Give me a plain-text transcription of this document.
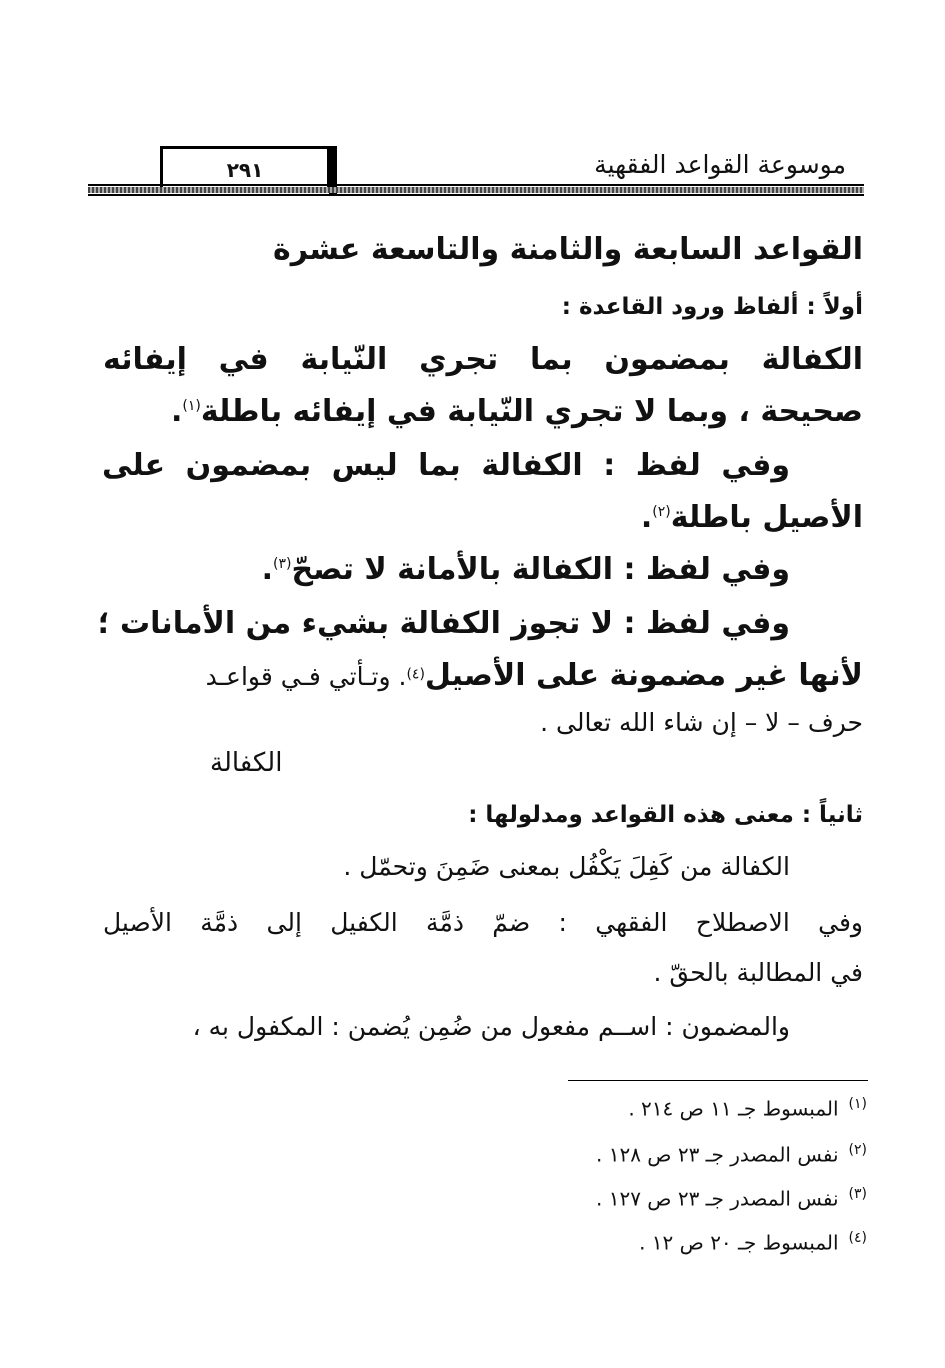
٢٩١	موسوعة القواعد الفقهية
القواعد السابعة والثامنة والتاسعة عشرة
أولاً : ألفاظ ورود القاعدة :
الكفالة بمضمون بما تجري النّيابة في إيفائه
صحيحة ، وبما لا تجري النّيابة في إيفائه باطلة$^{(١)}$.
وفي لفظ : الكفالة بما ليس بمضمون على
الأصيل باطلة$^{(٢)}$.
وفي لفظ : الكفالة بالأمانة لا تصحّ$^{(٣)}$.
وفي لفظ : لا تجوز الكفالة بشيء من الأمانات ؛
لأنها غير مضمونة على الأصيل$^{(٤)}$. وتـأتي فـي قواعـد
حرف – لا – إن شاء الله تعالى .
الكفالة
ثانياً : معنى هذه القواعد ومدلولها :
الكفالة من كَفِلَ يَكْفُل بمعنى ضَمِنَ وتحمّل .
وفي الاصطلاح الفقهي : ضمّ ذمَّة الكفيل إلى ذمَّة الأصيل
في المطالبة بالحقّ .
والمضمون : اســم مفعول من ضُمِن يُضمن : المكفول به ،
$^{(١)}$المبسوط جـ ١١ ص ٢١٤ .
$^{(٢)}$نفس المصدر جـ ٢٣ ص ١٢٨ .
$^{(٣)}$نفس المصدر جـ ٢٣ ص ١٢٧ .
$^{(٤)}$المبسوط جـ ٢٠ ص ١٢ .
